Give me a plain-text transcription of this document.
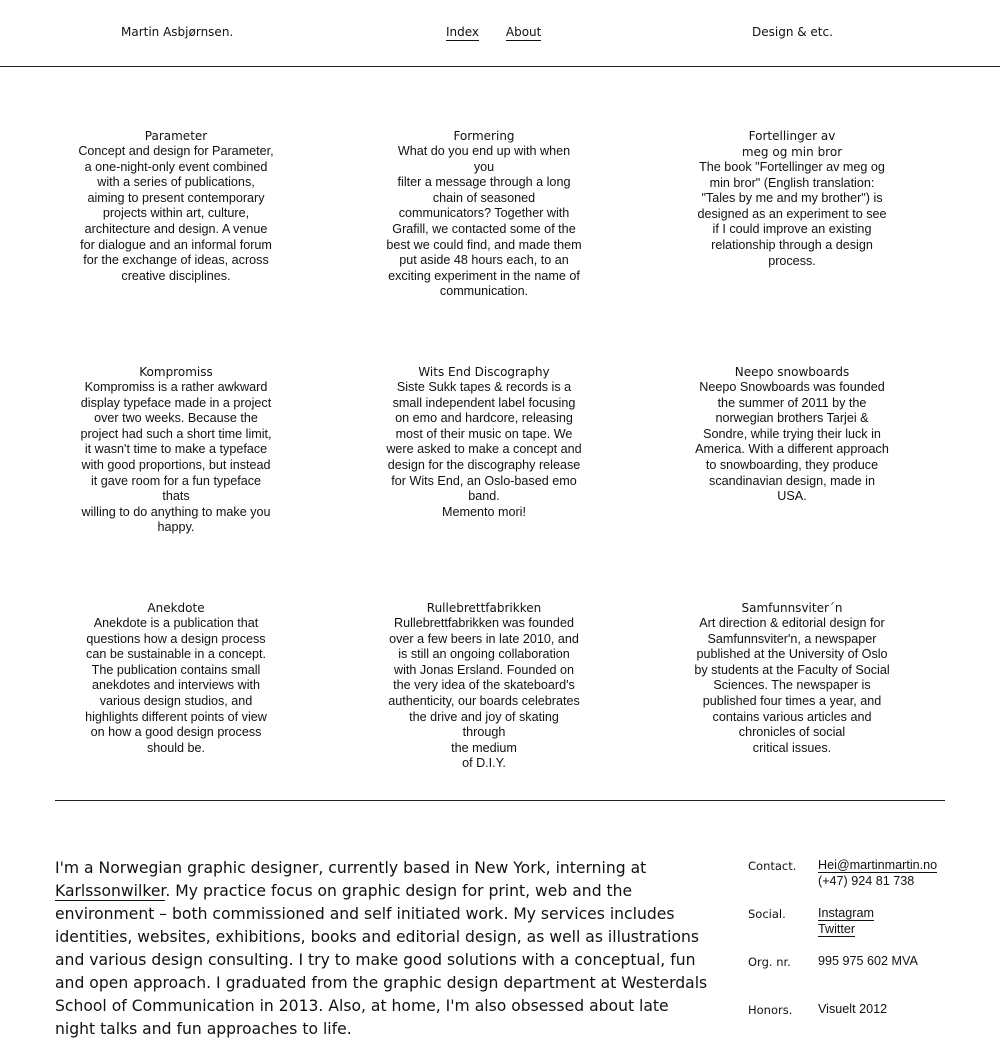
Martin Asbjørnsen.	Index About	Design & etc.
Parameter
Concept and design for Parameter,
a one-night-only event combined
with a series of publications,
aiming to present contemporary
projects within art, culture,
architecture and design. A venue
for dialogue and an informal forum
for the exchange of ideas, across
creative disciplines.
Formering
What do you end up with when you
filter a message through a long
chain of seasoned
communicators? Together with
Grafill, we contacted some of the
best we could find, and made them
put aside 48 hours each, to an
exciting experiment in the name of
communication.
Fortellinger av
meg og min bror
The book "Fortellinger av meg og
min bror" (English translation:
"Tales by me and my brother") is
designed as an experiment to see
if I could improve an existing
relationship through a design
process.
Kompromiss
Kompromiss is a rather awkward
display typeface made in a project
over two weeks. Because the
project had such a short time limit,
it wasn't time to make a typeface
with good proportions, but instead
it gave room for a fun typeface thats
willing to do anything to make you
happy.
Wits End Discography
Siste Sukk tapes & records is a
small independent label focusing
on emo and hardcore, releasing
most of their music on tape. We
were asked to make a concept and
design for the discography release
for Wits End, an Oslo-based emo
band.
Memento mori!
Neepo snowboards
Neepo Snowboards was founded
the summer of 2011 by the
norwegian brothers Tarjei &
Sondre, while trying their luck in
America. With a different approach
to snowboarding, they produce
scandinavian design, made in
USA.
Anekdote
Anekdote is a publication that
questions how a design process
can be sustainable in a concept.
The publication contains small
anekdotes and interviews with
various design studios, and
highlights different points of view
on how a good design process
should be.
Rullebrettfabrikken
Rullebrettfabrikken was founded
over a few beers in late 2010, and
is still an ongoing collaboration
with Jonas Ersland. Founded on
the very idea of the skateboard's
authenticity, our boards celebrates
the drive and joy of skating through
the medium
of D.I.Y.
Samfunnsviter´n
Art direction & editorial design for
Samfunnsviter'n, a newspaper
published at the University of Oslo
by students at the Faculty of Social
Sciences. The newspaper is
published four times a year, and
contains various articles and
chronicles of social
critical issues.
I'm a Norwegian graphic designer, currently based in New York, interning at
Karlssonwilker. My practice focus on graphic design for print, web and the environment – both commissioned and self initiated work. My services includes identities, websites, exhibitions, books and editorial design, as well as illustrations and various design consulting. I try to make good solutions with a conceptual, fun and open approach. I graduated from the graphic design department at Westerdals School of Communication in 2013. Also, at home, I'm also obsessed about late night talks and fun approaches to life.
Contact. Hei@martinmartin.no
(+47) 924 81 738
Social.	Instagram
Twitter
Org. nr. 995 975 602 MVA
Honors. Visuelt 2012
